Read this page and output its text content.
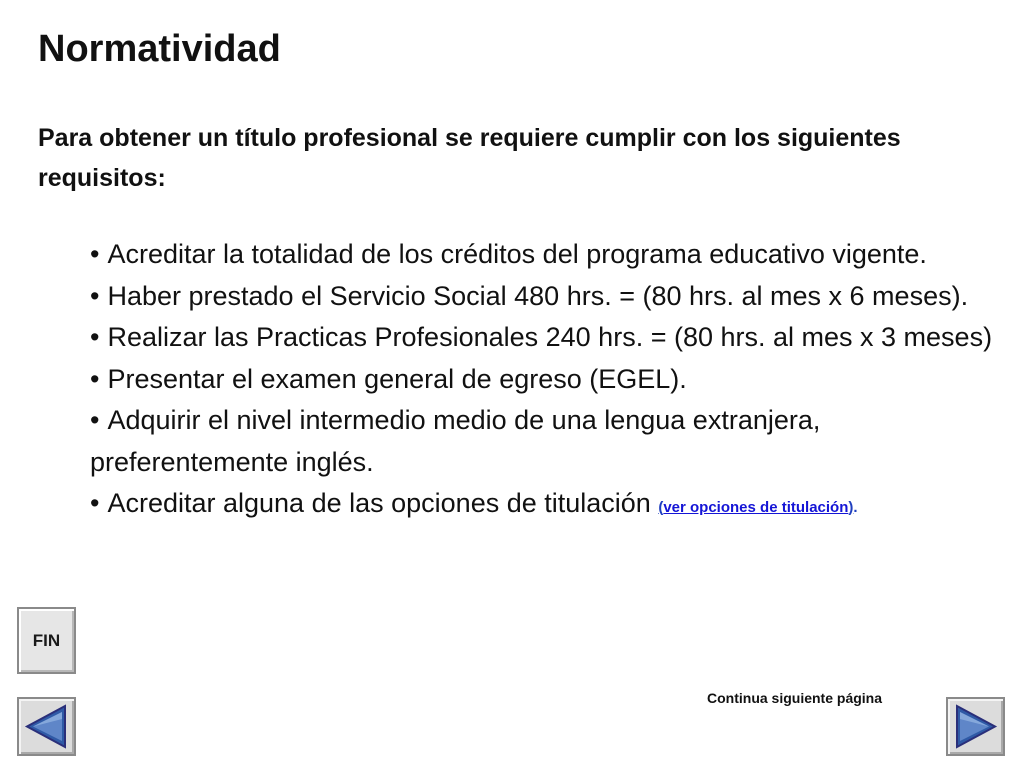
Normatividad

Para obtener un título profesional se requiere cumplir con los siguientes requisitos:

• Acreditar la totalidad de los créditos del programa educativo vigente.
• Haber prestado el Servicio Social 480 hrs. = (80 hrs. al mes x 6 meses).
• Realizar las Practicas Profesionales 240 hrs. = (80 hrs. al mes x 3 meses)
• Presentar el examen general de egreso (EGEL).
• Adquirir el nivel intermedio medio de una lengua extranjera, preferentemente inglés.
• Acreditar alguna de las opciones de titulación (ver opciones de titulación).
FIN

Continua siguiente página
